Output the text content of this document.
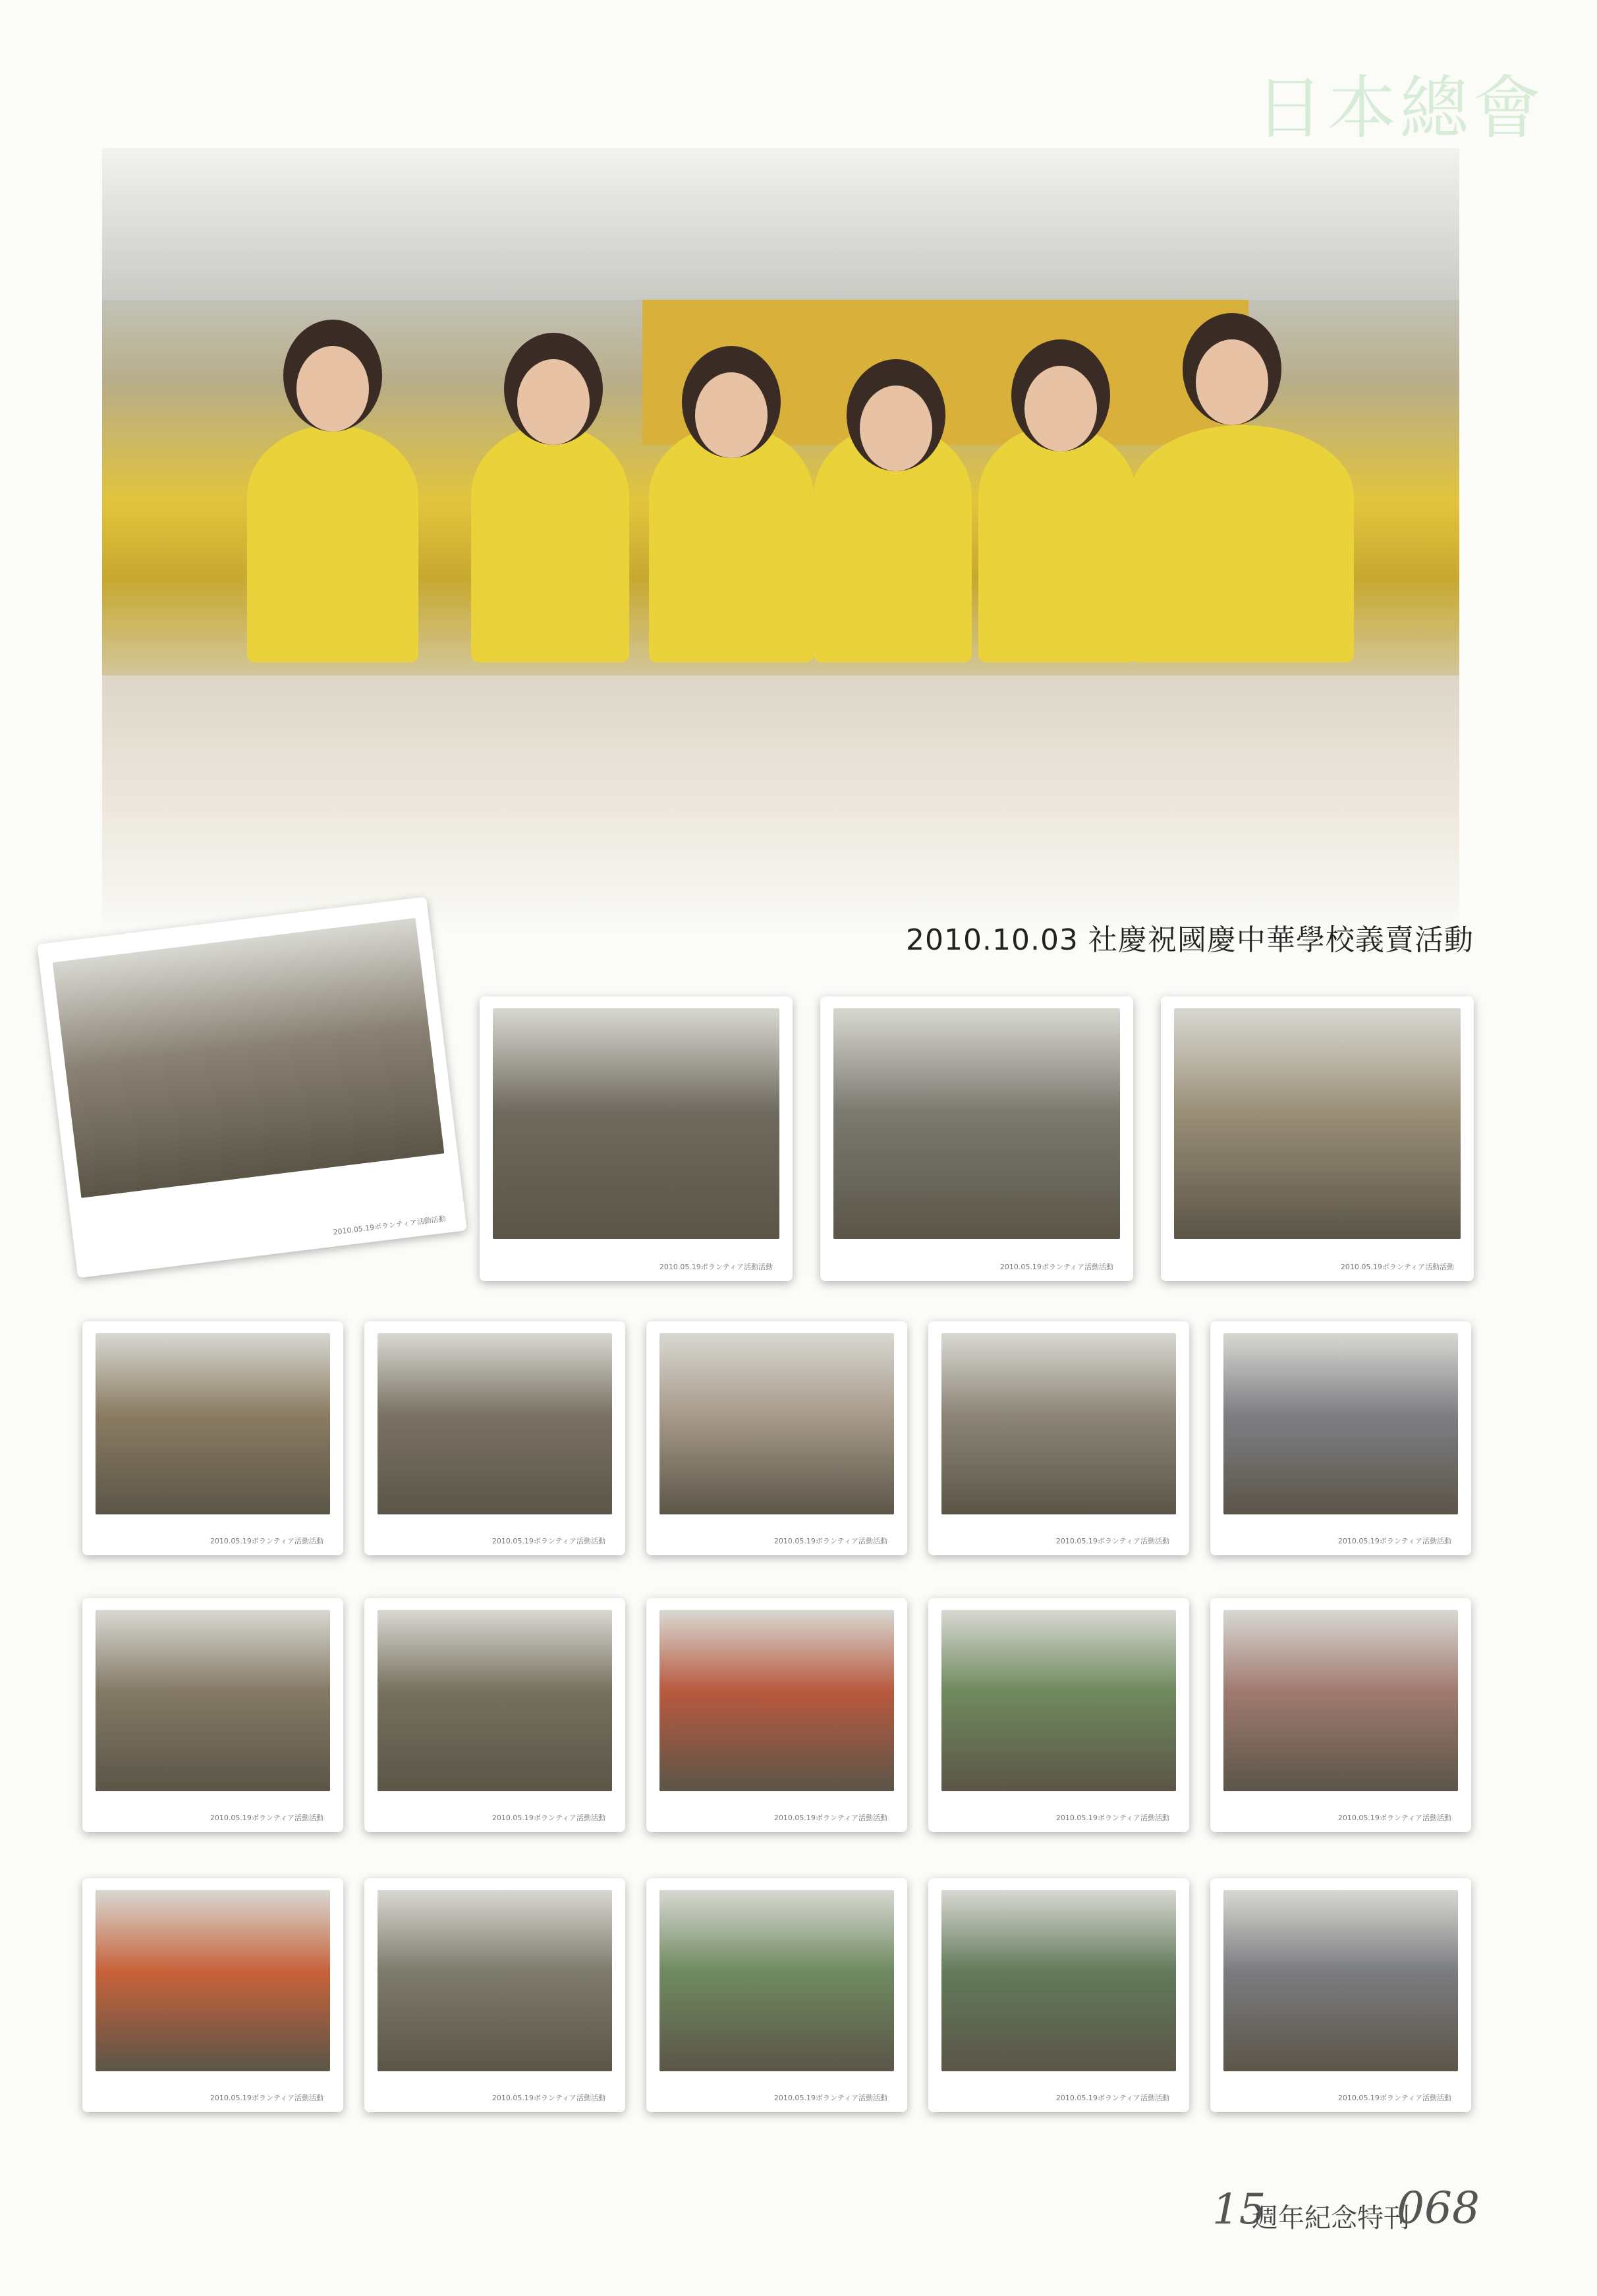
日本總會
2010.10.03 社慶祝國慶中華學校義賣活動
2010.05.19ボランティア活動活動
2010.05.19ボランティア活動活動	2010.05.19ボランティア活動活動	2010.05.19ボランティア活動活動
2010.05.19ボランティア活動活動	2010.05.19ボランティア活動活動	2010.05.19ボランティア活動活動	2010.05.19ボランティア活動活動	2010.05.19ボランティア活動活動
2010.05.19ボランティア活動活動	2010.05.19ボランティア活動活動	2010.05.19ボランティア活動活動	2010.05.19ボランティア活動活動	2010.05.19ボランティア活動活動
2010.05.19ボランティア活動活動	2010.05.19ボランティア活動活動	2010.05.19ボランティア活動活動	2010.05.19ボランティア活動活動	2010.05.19ボランティア活動活動
15
週年紀念特刊
068
